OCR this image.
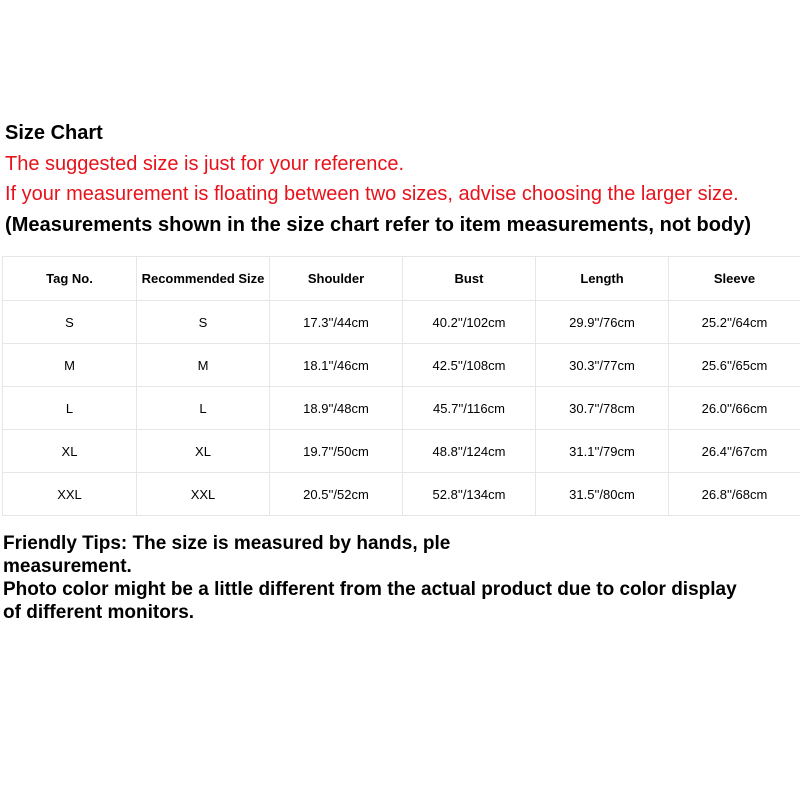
Size Chart
The suggested size is just for your reference.
If your measurement is floating between two sizes, advise choosing the larger size.
(Measurements shown in the size chart refer to item measurements, not body)
Tag No.	Recommended Size	Shoulder	Bust	Length	Sleeve
S	S	17.3''/44cm	40.2''/102cm	29.9''/76cm	25.2''/64cm
M	M	18.1''/46cm	42.5''/108cm	30.3''/77cm	25.6''/65cm
L	L	18.9''/48cm	45.7''/116cm	30.7''/78cm	26.0''/66cm
XL	XL	19.7''/50cm	48.8''/124cm	31.1''/79cm	26.4''/67cm
XXL	XXL	20.5''/52cm	52.8''/134cm	31.5''/80cm	26.8''/68cm
Friendly Tips: The size is measured by hands, ple
measurement.
Photo color might be a little different from the actual product due to color display
of different monitors.
